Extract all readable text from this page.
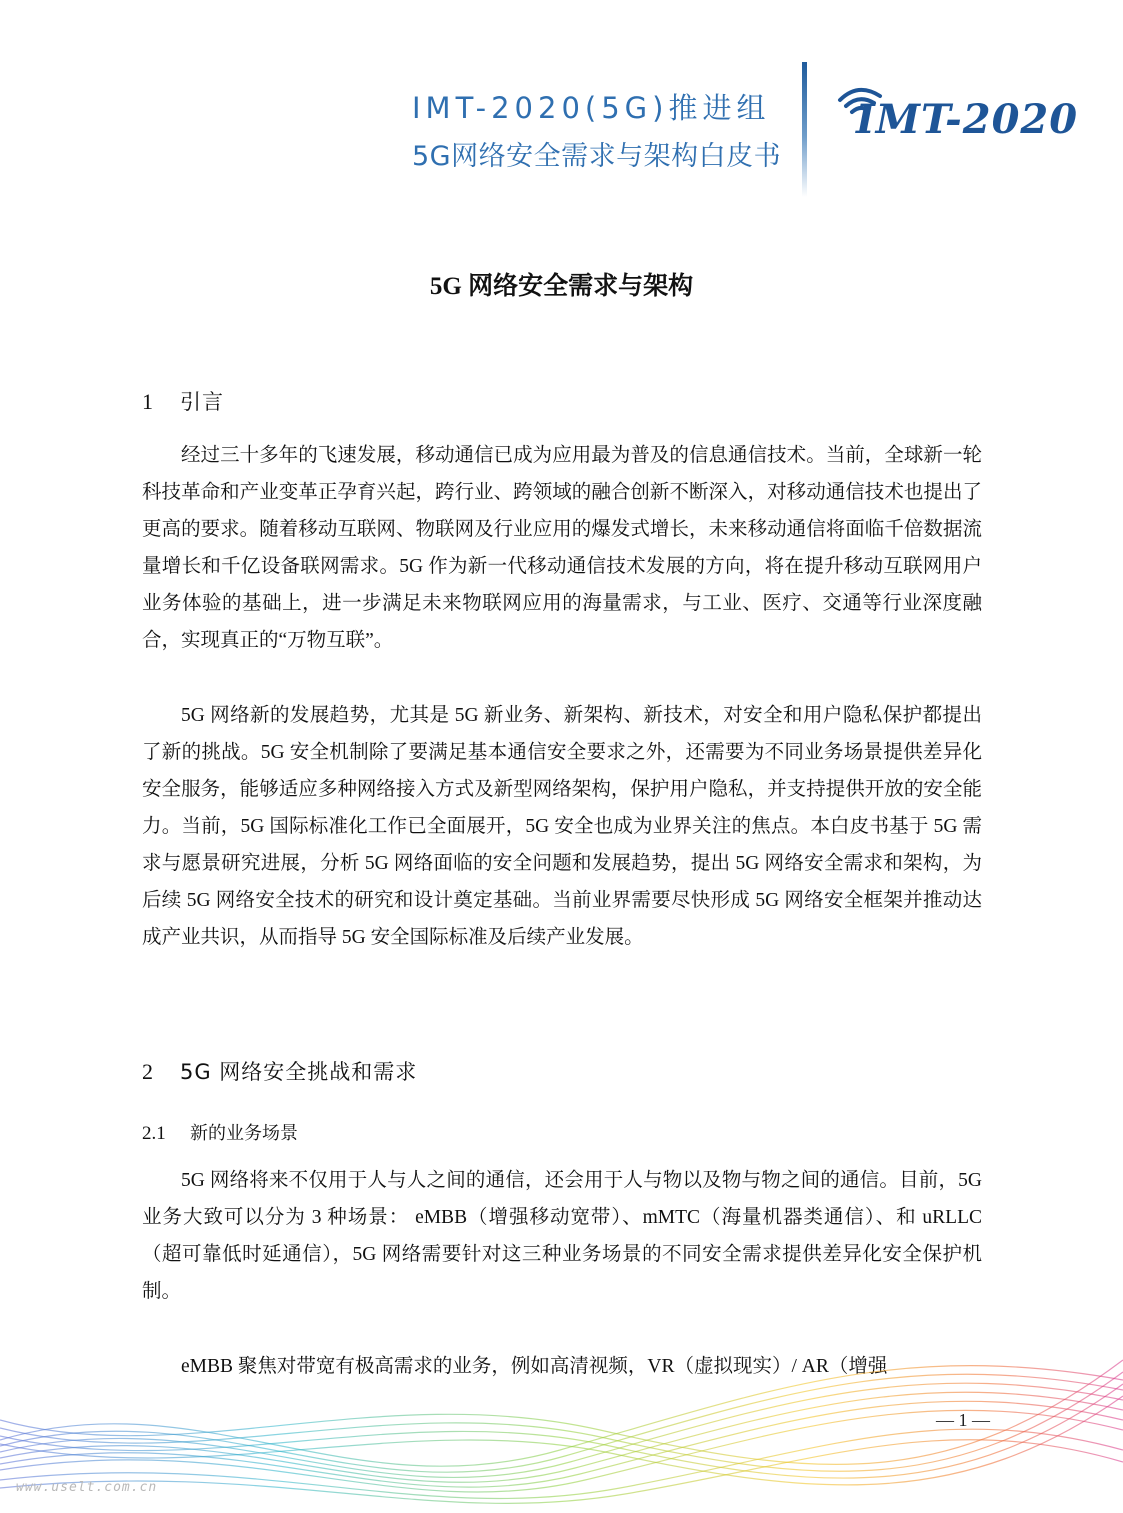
IMT-2020(5G)推进组
5G网络安全需求与架构白皮书
IMT-2020
5G 网络安全需求与架构
1 引言

经过三十多年的飞速发展，移动通信已成为应用最为普及的信息通信技术。当前，全球新一轮科技革命和产业变革正孕育兴起，跨行业、跨领域的融合创新不断深入，对移动通信技术也提出了更高的要求。随着移动互联网、物联网及行业应用的爆发式增长，未来移动通信将面临千倍数据流量增长和千亿设备联网需求。5G 作为新一代移动通信技术发展的方向，将在提升移动互联网用户业务体验的基础上，进一步满足未来物联网应用的海量需求，与工业、医疗、交通等行业深度融合，实现真正的“万物互联”。

5G 网络新的发展趋势，尤其是 5G 新业务、新架构、新技术，对安全和用户隐私保护都提出了新的挑战。5G 安全机制除了要满足基本通信安全要求之外，还需要为不同业务场景提供差异化安全服务，能够适应多种网络接入方式及新型网络架构，保护用户隐私，并支持提供开放的安全能力。当前，5G 国际标准化工作已全面展开，5G 安全也成为业界关注的焦点。本白皮书基于 5G 需求与愿景研究进展，分析 5G 网络面临的安全问题和发展趋势，提出 5G 网络安全需求和架构，为后续 5G 网络安全技术的研究和设计奠定基础。当前业界需要尽快形成 5G 网络安全框架并推动达成产业共识，从而指导 5G 安全国际标准及后续产业发展。

2 5G 网络安全挑战和需求
2.1 新的业务场景

5G 网络将来不仅用于人与人之间的通信，还会用于人与物以及物与物之间的通信。目前，5G 业务大致可以分为 3 种场景： eMBB（增强移动宽带）、mMTC（海量机器类通信）、和 uRLLC（超可靠低时延通信），5G 网络需要针对这三种业务场景的不同安全需求提供差异化安全保护机制。

eMBB 聚焦对带宽有极高需求的业务，例如高清视频，VR（虚拟现实）/ AR（增强

— 1 —
www.uselt.com.cn
